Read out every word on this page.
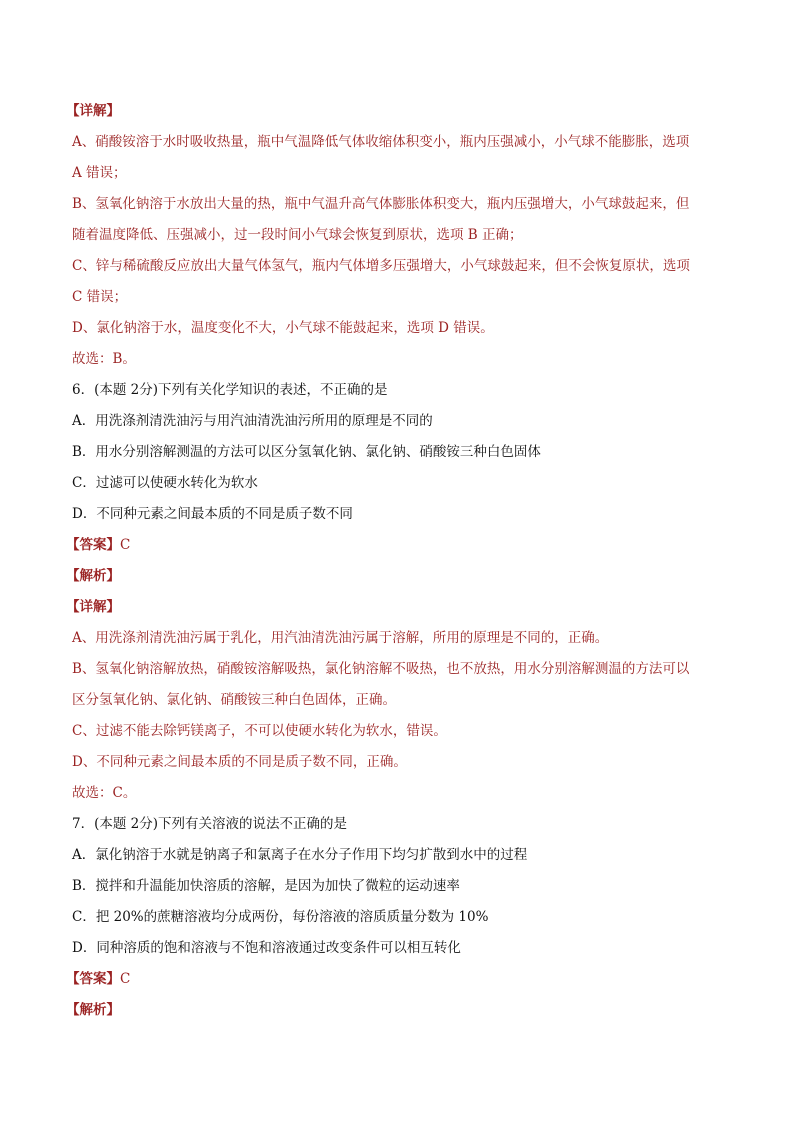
【详解】
A、硝酸铵溶于水时吸收热量，瓶中气温降低气体收缩体积变小，瓶内压强减小，小气球不能膨胀，选项
A 错误；
B、氢氧化钠溶于水放出大量的热，瓶中气温升高气体膨胀体积变大，瓶内压强增大，小气球鼓起来，但
随着温度降低、压强减小，过一段时间小气球会恢复到原状，选项 B 正确；
C、锌与稀硫酸反应放出大量气体氢气，瓶内气体增多压强增大，小气球鼓起来，但不会恢复原状，选项
C 错误；
D、氯化钠溶于水，温度变化不大，小气球不能鼓起来，选项 D 错误。
故选：B。
6．(本题 2分)下列有关化学知识的表述，不正确的是
A．用洗涤剂清洗油污与用汽油清洗油污所用的原理是不同的
B．用水分别溶解测温的方法可以区分氢氧化钠、氯化钠、硝酸铵三种白色固体
C．过滤可以使硬水转化为软水
D．不同种元素之间最本质的不同是质子数不同
【答案】C
【解析】
【详解】
A、用洗涤剂清洗油污属于乳化，用汽油清洗油污属于溶解，所用的原理是不同的，正确。
B、氢氧化钠溶解放热，硝酸铵溶解吸热，氯化钠溶解不吸热，也不放热，用水分别溶解测温的方法可以
区分氢氧化钠、氯化钠、硝酸铵三种白色固体，正确。
C、过滤不能去除钙镁离子，不可以使硬水转化为软水，错误。
D、不同种元素之间最本质的不同是质子数不同，正确。
故选：C。
7．(本题 2分)下列有关溶液的说法不正确的是
A．氯化钠溶于水就是钠离子和氯离子在水分子作用下均匀扩散到水中的过程
B．搅拌和升温能加快溶质的溶解，是因为加快了微粒的运动速率
C．把 20%的蔗糖溶液均分成两份，每份溶液的溶质质量分数为 10%
D．同种溶质的饱和溶液与不饱和溶液通过改变条件可以相互转化
【答案】C
【解析】
